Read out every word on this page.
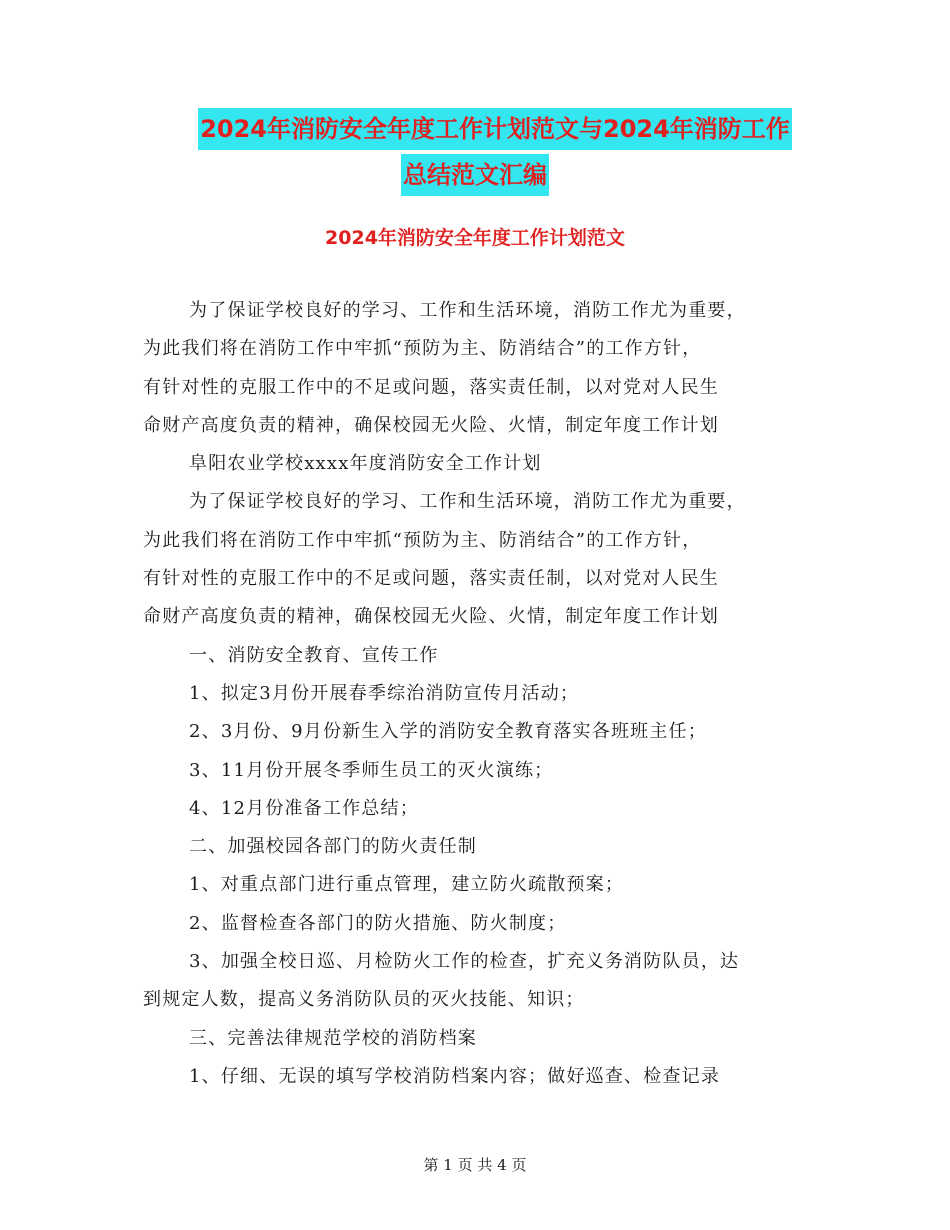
2024年消防安全年度工作计划范文与2024年消防工作
总结范文汇编
2024年消防安全年度工作计划范文
为了保证学校良好的学习、工作和生活环境，消防工作尤为重要，
为此我们将在消防工作中牢抓“预防为主、防消结合”的工作方针，
有针对性的克服工作中的不足或问题，落实责任制，以对党对人民生
命财产高度负责的精神，确保校园无火险、火情，制定年度工作计划
阜阳农业学校xxxx年度消防安全工作计划
为了保证学校良好的学习、工作和生活环境，消防工作尤为重要，
为此我们将在消防工作中牢抓“预防为主、防消结合”的工作方针，
有针对性的克服工作中的不足或问题，落实责任制，以对党对人民生
命财产高度负责的精神，确保校园无火险、火情，制定年度工作计划
一、消防安全教育、宣传工作
1、拟定3月份开展春季综治消防宣传月活动；
2、3月份、9月份新生入学的消防安全教育落实各班班主任；
3、11月份开展冬季师生员工的灭火演练；
4、12月份准备工作总结；
二、加强校园各部门的防火责任制
1、对重点部门进行重点管理，建立防火疏散预案；
2、监督检查各部门的防火措施、防火制度；
3、加强全校日巡、月检防火工作的检查，扩充义务消防队员，达
到规定人数，提高义务消防队员的灭火技能、知识；
三、完善法律规范学校的消防档案
1、仔细、无误的填写学校消防档案内容；做好巡查、检查记录
第 1 页 共 4 页
